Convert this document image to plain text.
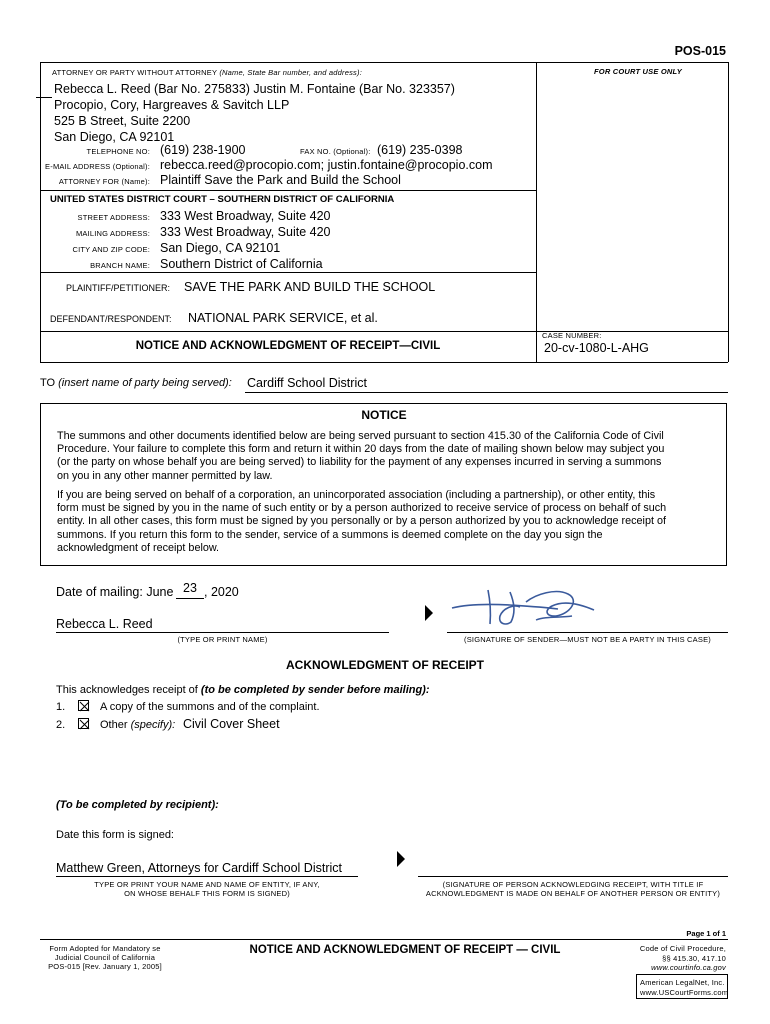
POS-015
FOR COURT USE ONLY
ATTORNEY OR PARTY WITHOUT ATTORNEY (Name, State Bar number, and address):
Rebecca L. Reed (Bar No. 275833) Justin M. Fontaine (Bar No. 323357)
Procopio, Cory, Hargreaves & Savitch LLP
525 B Street, Suite 2200
San Diego, CA 92101
TELEPHONE NO: (619) 238-1900	FAX NO. (Optional): (619) 235-0398
E-MAIL ADDRESS (Optional): rebecca.reed@procopio.com; justin.fontaine@procopio.com
ATTORNEY FOR (Name): Plaintiff Save the Park and Build the School
UNITED STATES DISTRICT COURT – SOUTHERN DISTRICT OF CALIFORNIA
STREET ADDRESS: 333 West Broadway, Suite 420
MAILING ADDRESS: 333 West Broadway, Suite 420
CITY AND ZIP CODE: San Diego, CA 92101
BRANCH NAME: Southern District of California
PLAINTIFF/PETITIONER: SAVE THE PARK AND BUILD THE SCHOOL
DEFENDANT/RESPONDENT: NATIONAL PARK SERVICE, et al.
NOTICE AND ACKNOWLEDGMENT OF RECEIPT—CIVIL
CASE NUMBER:
20-cv-1080-L-AHG
TO (insert name of party being served): Cardiff School District
NOTICE
The summons and other documents identified below are being served pursuant to section 415.30 of the California Code of Civil
Procedure. Your failure to complete this form and return it within 20 days from the date of mailing shown below may subject you
(or the party on whose behalf you are being served) to liability for the payment of any expenses incurred in serving a summons
on you in any other manner permitted by law.
If you are being served on behalf of a corporation, an unincorporated association (including a partnership), or other entity, this
form must be signed by you in the name of such entity or by a person authorized to receive service of process on behalf of such
entity. In all other cases, this form must be signed by you personally or by a person authorized by you to acknowledge receipt of
summons. If you return this form to the sender, service of a summons is deemed complete on the day you sign the
acknowledgment of receipt below.
Date of mailing: June 23 , 2020
Rebecca L. Reed
(TYPE OR PRINT NAME)	(SIGNATURE OF SENDER—MUST NOT BE A PARTY IN THIS CASE)
ACKNOWLEDGMENT OF RECEIPT
This acknowledges receipt of (to be completed by sender before mailing):
1.	A copy of the summons and of the complaint.
2.	Other (specify): Civil Cover Sheet
(To be completed by recipient):
Date this form is signed:
Matthew Green, Attorneys for Cardiff School District
TYPE OR PRINT YOUR NAME AND NAME OF ENTITY, IF ANY,
ON WHOSE BEHALF THIS FORM IS SIGNED)
(SIGNATURE OF PERSON ACKNOWLEDGING RECEIPT, WITH TITLE IF
ACKNOWLEDGMENT IS MADE ON BEHALF OF ANOTHER PERSON OR ENTITY)
Page 1 of 1
Form Adopted for Mandatory se
Judicial Council of California
POS-015 [Rev. January 1, 2005]
NOTICE AND ACKNOWLEDGMENT OF RECEIPT — CIVIL	Code of Civil Procedure,
§§ 415.30, 417.10
www.courtinfo.ca.gov
American LegalNet, Inc.
www.USCourtForms.com
